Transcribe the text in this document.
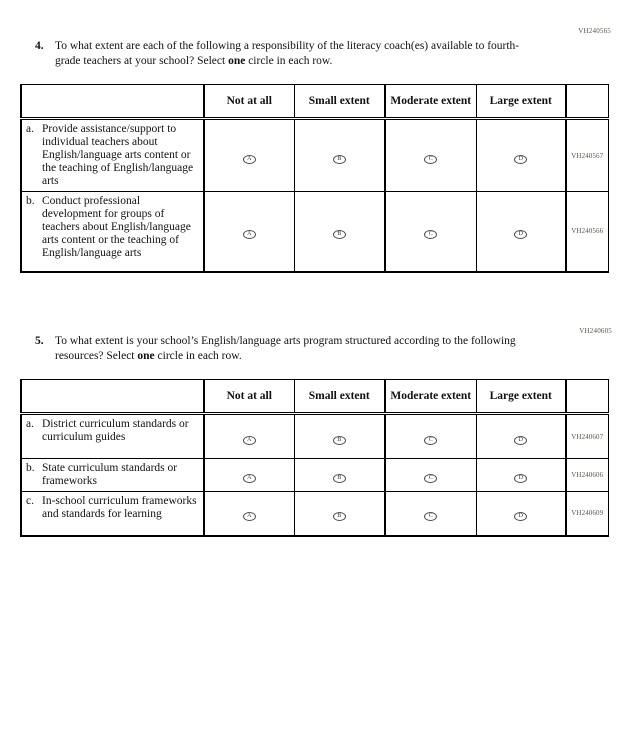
VH240565

4. To what extent are each of the following a responsibility of the literacy coach(es) available to fourth-grade teachers at your school? Select one circle in each row.

	Not at all	Small extent	Moderate extent	Large extent	

a. Provide assistance/support to individual teachers about English/language arts content or the teaching of English/language arts	A	B	C	D	VH240567

b. Conduct professional development for groups of teachers about English/language arts content or the teaching of English/language arts	A	B	C	D	VH240566
VH240605

5. To what extent is your school’s English/language arts program structured according to the following resources? Select one circle in each row.

	Not at all	Small extent	Moderate extent	Large extent	

a. District curriculum standards or curriculum guides	A	B	C	D	VH240607

b. State curriculum standards or frameworks	A	B	C	D	VH240606

c. In-school curriculum frameworks and standards for learning	A	B	C	D	VH240609
